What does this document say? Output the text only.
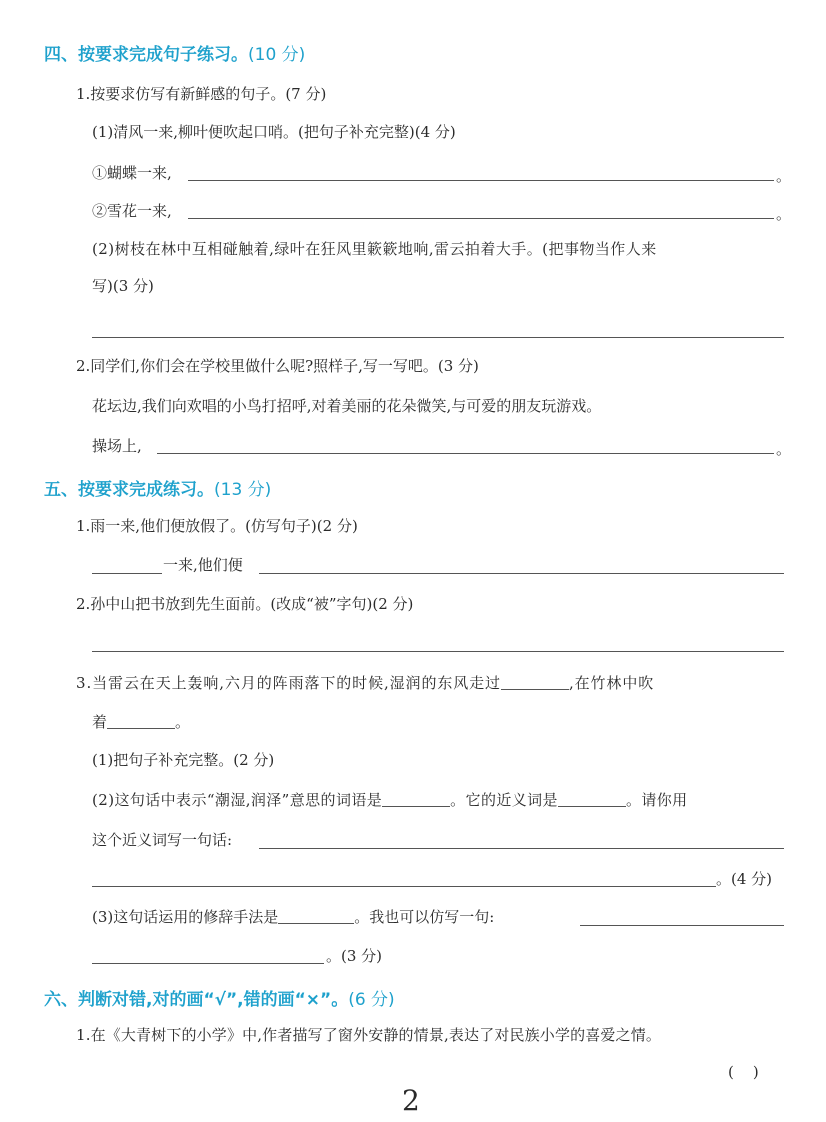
四、按要求完成句子练习。(10 分)
1.按要求仿写有新鲜感的句子。(7 分)
(1)清风一来,柳叶便吹起口哨。(把句子补充完整)(4 分)
①蝴蝶一来,	。
②雪花一来,	。
(2)树枝在林中互相碰触着,绿叶在狂风里簌簌地响,雷云拍着大手。(把事物当作人来
写)(3 分)
2.同学们,你们会在学校里做什么呢?照样子,写一写吧。(3 分)
花坛边,我们向欢唱的小鸟打招呼,对着美丽的花朵微笑,与可爱的朋友玩游戏。
操场上,	。
五、按要求完成练习。(13 分)
1.雨一来,他们便放假了。(仿写句子)(2 分)
一来,他们便
2.孙中山把书放到先生面前。(改成“被”字句)(2 分)
3.当雷云在天上轰响,六月的阵雨落下的时候,湿润的东风走过	,在竹林中吹
着	。
(1)把句子补充完整。(2 分)
(2)这句话中表示“潮湿,润泽”意思的词语是	。它的近义词是	。请你用
这个近义词写一句话:
。(4 分)
(3)这句话运用的修辞手法是	。我也可以仿写一句:
。(3 分)
六、判断对错,对的画“√”,错的画“×”。(6 分)
1.在《大青树下的小学》中,作者描写了窗外安静的情景,表达了对民族小学的喜爱之情。
(    )
2
